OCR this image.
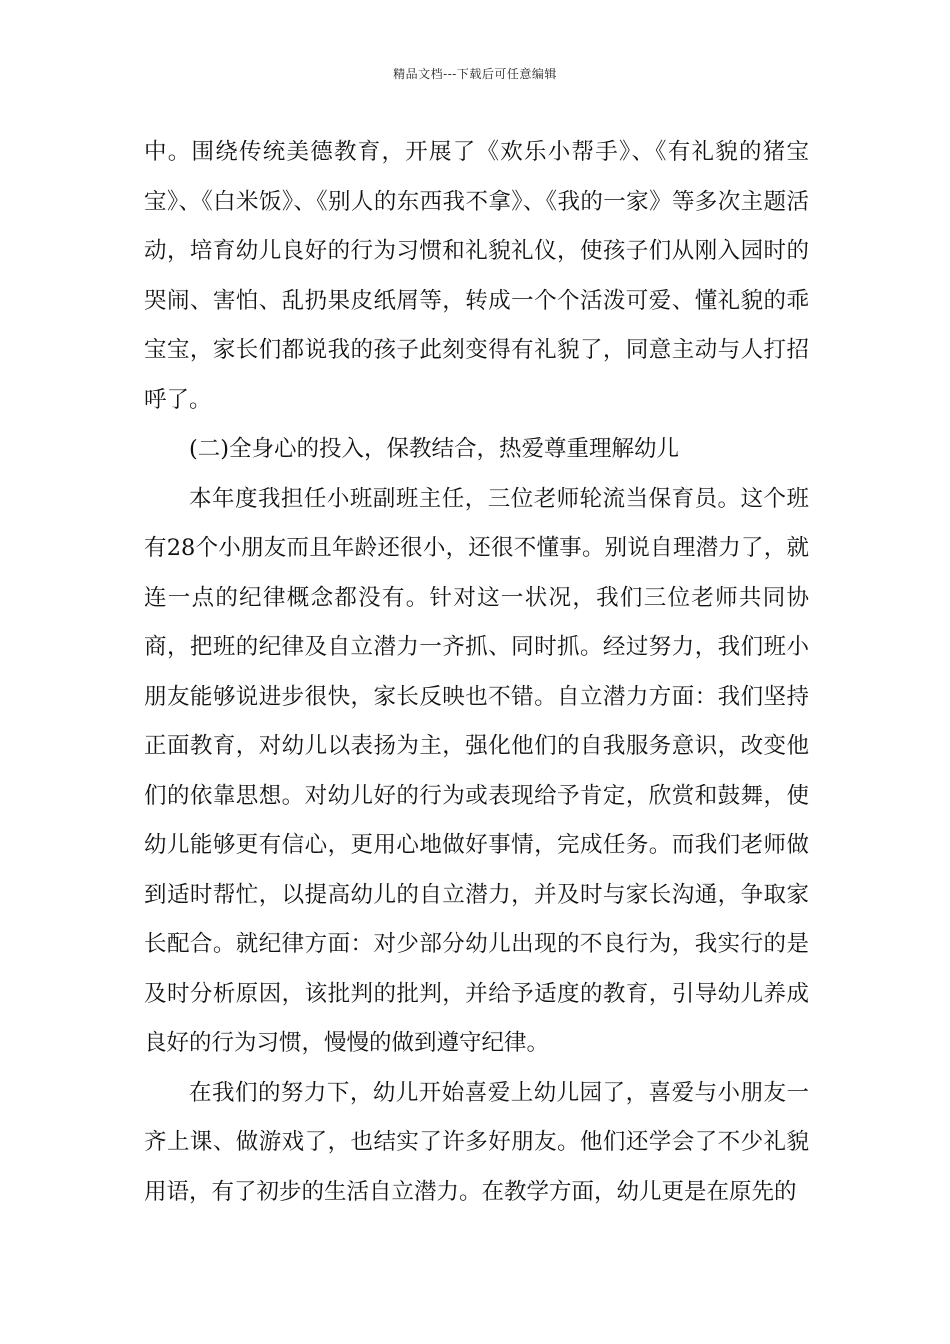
精品文档---下载后可任意编辑

中。围绕传统美德教育，开展了《欢乐小帮手》、《有礼貌的猪宝宝》、《白米饭》、《别人的东西我不拿》、《我的一家》等多次主题活动，培育幼儿良好的行为习惯和礼貌礼仪，使孩子们从刚入园时的哭闹、害怕、乱扔果皮纸屑等，转成一个个活泼可爱、懂礼貌的乖宝宝，家长们都说我的孩子此刻变得有礼貌了，同意主动与人打招呼了。

(二)全身心的投入，保教结合，热爱尊重理解幼儿

本年度我担任小班副班主任，三位老师轮流当保育员。这个班有28个小朋友而且年龄还很小，还很不懂事。别说自理潜力了，就连一点的纪律概念都没有。针对这一状况，我们三位老师共同协商，把班的纪律及自立潜力一齐抓、同时抓。经过努力，我们班小朋友能够说进步很快，家长反映也不错。自立潜力方面：我们坚持正面教育，对幼儿以表扬为主，强化他们的自我服务意识，改变他们的依靠思想。对幼儿好的行为或表现给予肯定，欣赏和鼓舞，使幼儿能够更有信心，更用心地做好事情，完成任务。而我们老师做到适时帮忙，以提高幼儿的自立潜力，并及时与家长沟通，争取家长配合。就纪律方面：对少部分幼儿出现的不良行为，我实行的是及时分析原因，该批判的批判，并给予适度的教育，引导幼儿养成良好的行为习惯，慢慢的做到遵守纪律。

在我们的努力下，幼儿开始喜爱上幼儿园了，喜爱与小朋友一齐上课、做游戏了，也结实了许多好朋友。他们还学会了不少礼貌用语，有了初步的生活自立潜力。在教学方面，幼儿更是在原先的
